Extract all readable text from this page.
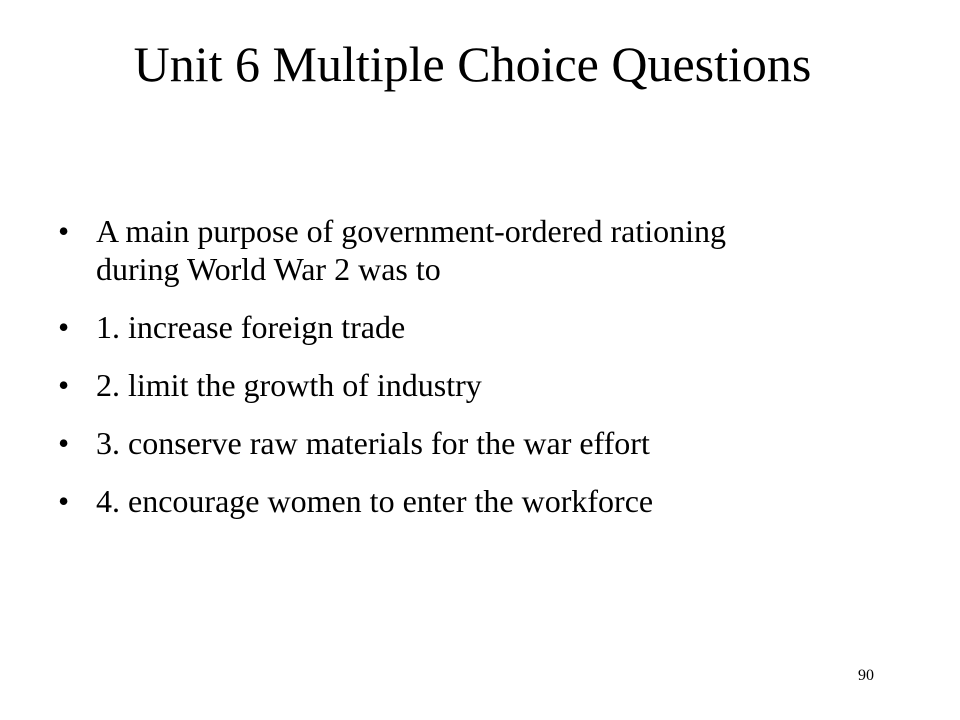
Unit 6 Multiple Choice Questions
• A main purpose of government-ordered rationing during World War 2 was to
• 1. increase foreign trade
• 2. limit the growth of industry
• 3. conserve raw materials for the war effort
• 4. encourage women to enter the workforce
90
